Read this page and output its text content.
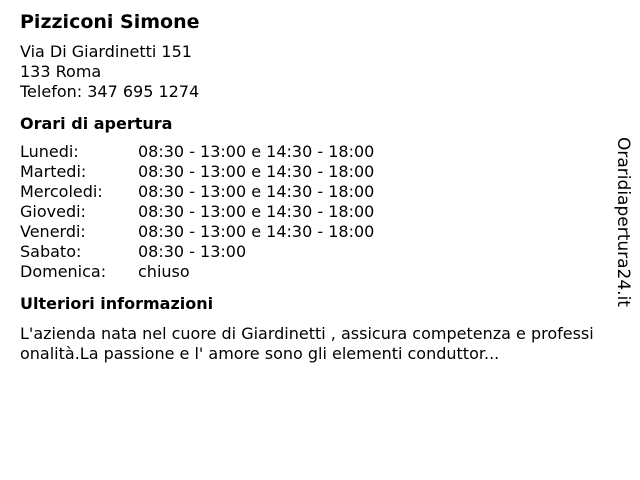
Pizziconi Simone
Via Di Giardinetti 151
133 Roma
Telefon: 347 695 1274
Orari di apertura
Lunedi:	08:30 - 13:00 e 14:30 - 18:00
Martedi:	08:30 - 13:00 e 14:30 - 18:00
Mercoledi:	08:30 - 13:00 e 14:30 - 18:00
Giovedi:	08:30 - 13:00 e 14:30 - 18:00
Venerdi:	08:30 - 13:00 e 14:30 - 18:00
Sabato:	08:30 - 13:00
Domenica:	chiuso
Ulteriori informazioni
L'azienda nata nel cuore di Giardinetti , assicura competenza e professionalità.La passione e l' amore sono gli elementi conduttor...
Oraridiapertura24.it
